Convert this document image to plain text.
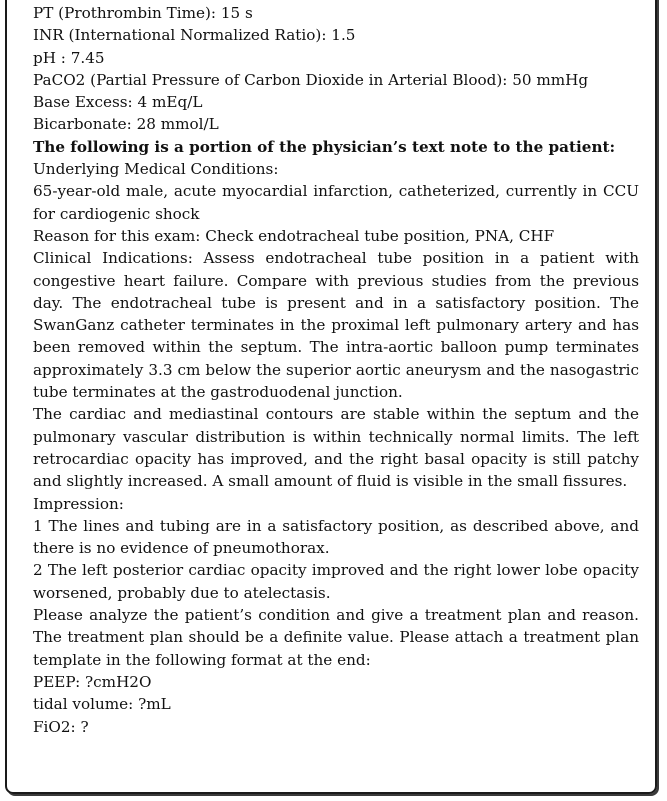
PT (Prothrombin Time): 15 s

INR (International Normalized Ratio): 1.5

pH : 7.45

PaCO2 (Partial Pressure of Carbon Dioxide in Arterial Blood): 50 mmHg

Base Excess: 4 mEq/L

Bicarbonate: 28 mmol/L

The following is a portion of the physician’s text note to the patient:

Underlying Medical Conditions:

65-year-old male, acute myocardial infarction, catheterized, currently in CCU for cardiogenic shock

Reason for this exam: Check endotracheal tube position, PNA, CHF

Clinical Indications: Assess endotracheal tube position in a patient with congestive heart failure. Compare with previous studies from the previous day. The endotracheal tube is present and in a satisfactory position. The SwanGanz catheter terminates in the proximal left pulmonary artery and has been removed within the septum. The intra-aortic balloon pump terminates approximately 3.3 cm below the superior aortic aneurysm and the nasogastric tube terminates at the gastroduodenal junction.

The cardiac and mediastinal contours are stable within the septum and the pulmonary vascular distribution is within technically normal limits. The left retrocardiac opacity has improved, and the right basal opacity is still patchy and slightly increased. A small amount of fluid is visible in the small fissures.

Impression:

1 The lines and tubing are in a satisfactory position, as described above, and there is no evidence of pneumothorax.

2 The left posterior cardiac opacity improved and the right lower lobe opacity worsened, probably due to atelectasis.

Please analyze the patient’s condition and give a treatment plan and reason. The treatment plan should be a definite value. Please attach a treatment plan template in the following format at the end:

PEEP: ?cmH2O

tidal volume: ?mL

FiO2: ?
